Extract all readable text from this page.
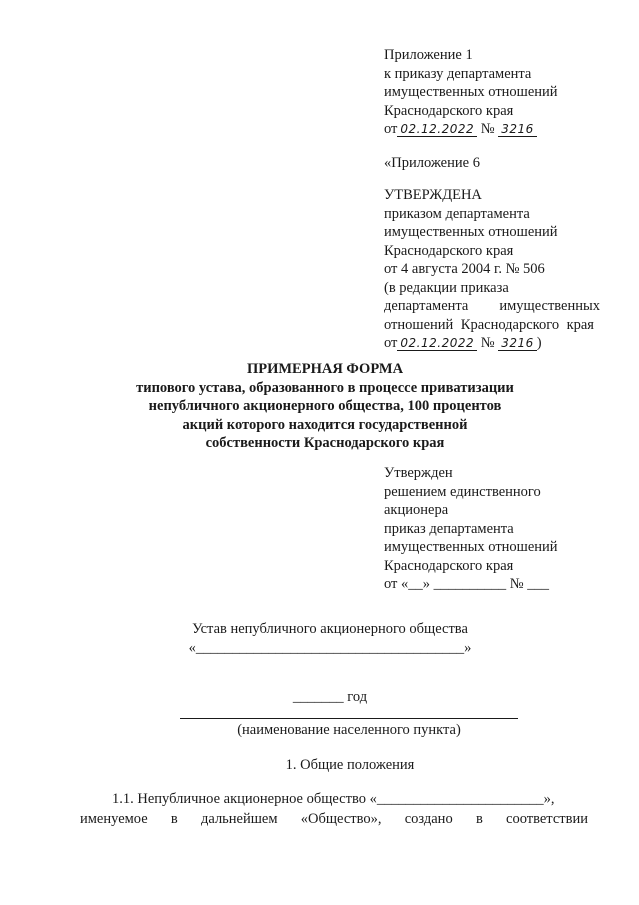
Приложение 1
к приказу департамента
имущественных отношений
Краснодарского края
от 02.12.2022 № 3216
«Приложение 6
УТВЕРЖДЕНА
приказом департамента
имущественных отношений
Краснодарского края
от 4 августа 2004 г. № 506
(в редакции приказа
департамента имущественных
отношений Краснодарского края
от 02.12.2022 № 3216 )
ПРИМЕРНАЯ ФОРМА
типового устава, образованного в процессе приватизации
непубличного акционерного общества, 100 процентов
акций которого находится государственной
собственности Краснодарского края
Утвержден
решением единственного
акционера
приказ департамента
имущественных отношений
Краснодарского края
от «__» __________ № ___
Устав непубличного акционерного общества
«_____________________________________»
_______ год
(наименование населенного пункта)
1. Общие положения
1.1. Непубличное акционерное общество «_______________________»,
именуемое в дальнейшем «Общество», создано в соответствии
